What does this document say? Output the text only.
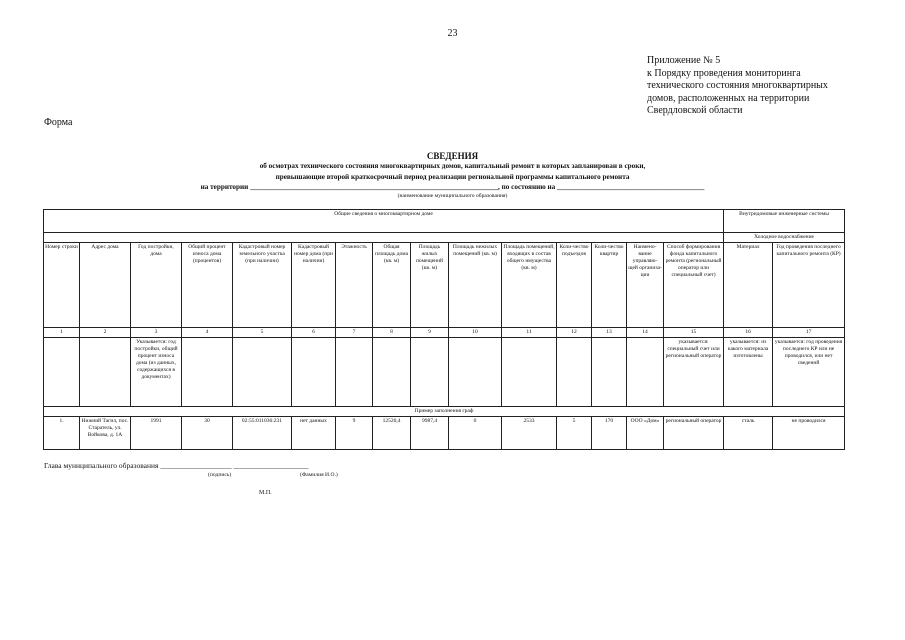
23
Приложение № 5
к Порядку проведения мониторинга
технического состояния многоквартирных
домов, расположенных на территории
Свердловской области
Форма
СВЕДЕНИЯ
об осмотрах технического состояния многоквартирных домов, капитальный ремонт в которых запланирован в сроки,
превышающие второй краткосрочный период реализации региональной программы капитального ремонта
на территории _____________________________________________________________________, по состоянию на _________________________________________
(наименование муниципального образования)
Общие сведения о многоквартирном доме															Внутридомовые инженерные системы	
															Холодное водоснабжение	
Номер строки	Адрес дома	Год постройки, дома	Общий процент износа дома (процентов)	Кадастровый номер земельного участка (при наличии)	Кадастровый номер дома (при наличии)	Этажность	Общая площадь дома (кв. м)	Площадь жилых помещений (кв. м)	Площадь нежилых помещений (кв. м)	Площадь помещений, входящих в состав общего имущества (кв. м)	Коли-чество подъездов	Коли-чество квартир	Наимено-вание управляю-щей организа-ции	Способ формирования фонда капитального ремонта (региональный оператор или специальный счет)	Материал	Год проведения последнего капитального ремонта (КР)
1	2	3	4	5	6	7	8	9	10	11	12	13	14	15	16	17
		Указывается: год постройки, общий процент износа дома (из данных, содержащихся в документах)												указывается: специальный счет или региональный оператор	указывается: из какого материала изготовлены	указывается: год проведения последнего КР или не проводился, или нет сведений
Пример заполнения граф																
1.	Нижний Тагил, пос. Старатель, ул. Войкова, д. 1А	1991	30	02:55:011036:231	нет данных	9	12520,4	9987,4	0	2533	5	170	ООО «Дом»	региональный оператор	сталь	не проводился
Глава муниципального образования ___________________ ____________________
(подпись)	(Фамилия И.О.)
М.П.
